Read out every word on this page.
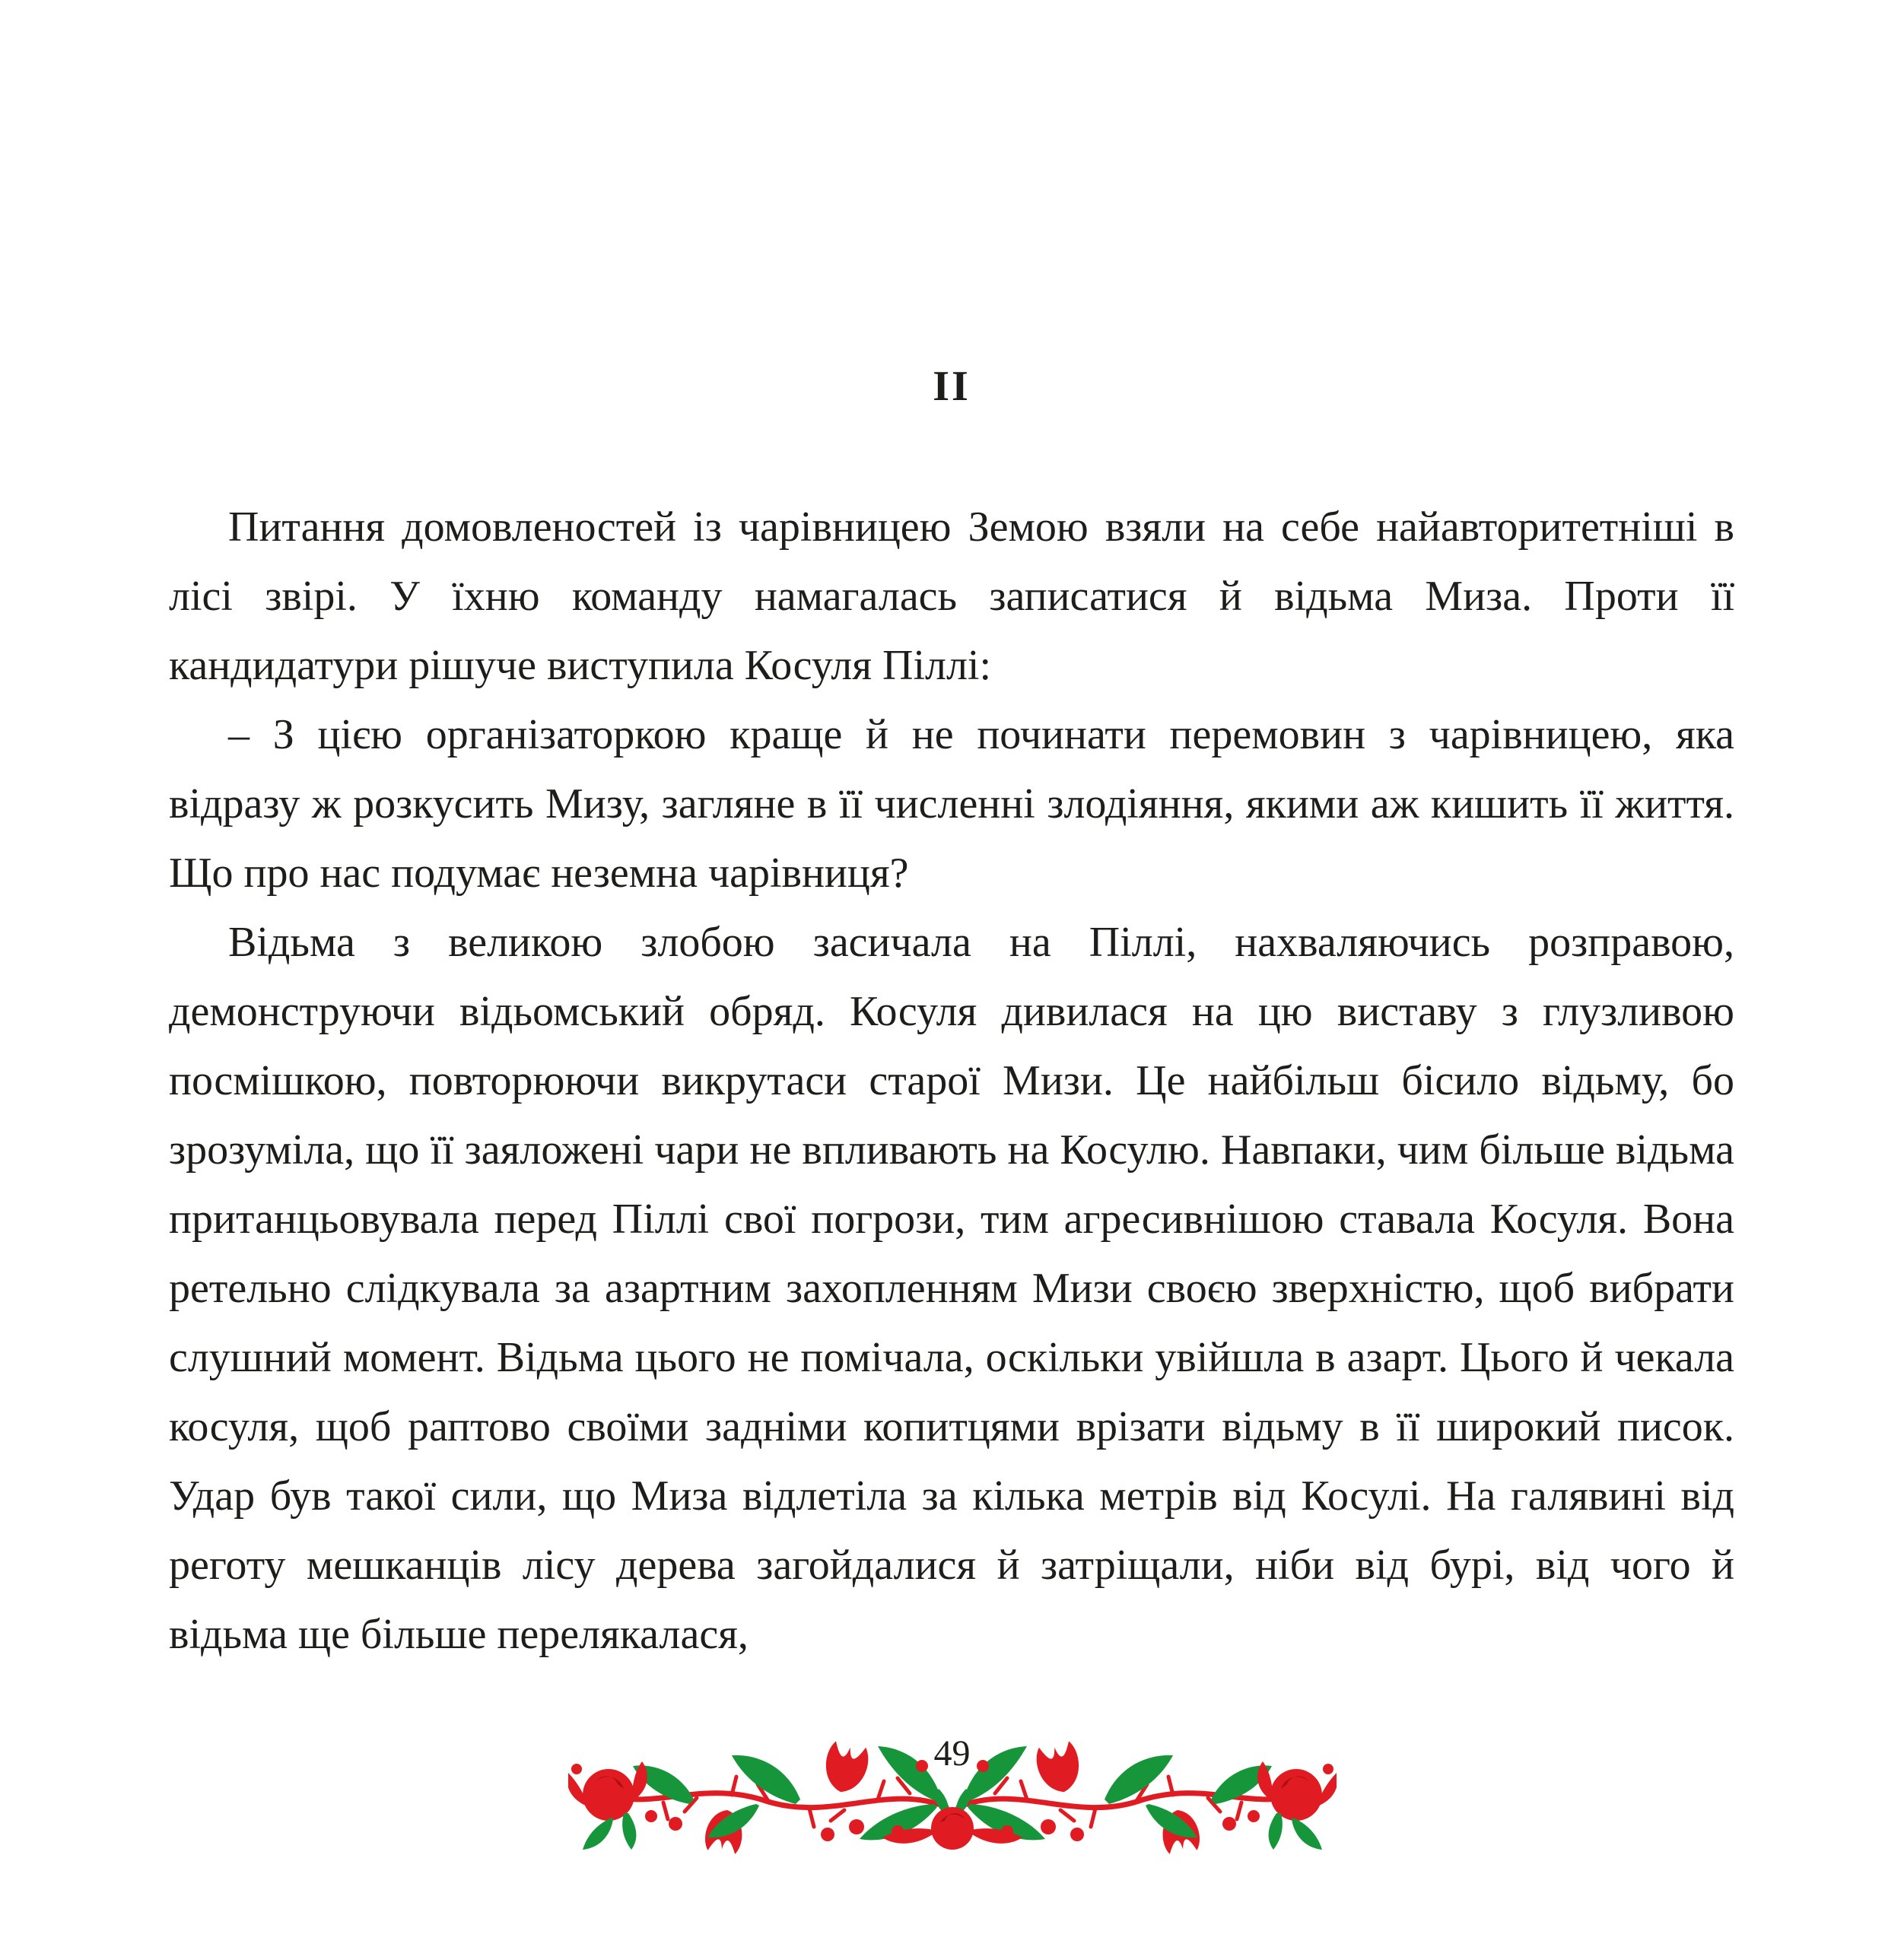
II

Питання домовленостей із чарівницею Земою взяли на себе найавторитетніші в лісі звірі. У їхню команду намагалась записатися й відьма Миза. Проти її кандидатури рішуче виступила Косуля Піллі:

– З цією організаторкою краще й не починати перемовин з чарівницею, яка відразу ж розкусить Мизу, загляне в її численні злодіяння, якими аж кишить її життя. Що про нас подумає неземна чарівниця?

Відьма з великою злобою засичала на Піллі, нахваляючись розправою, демонструючи відьомський обряд. Косуля дивилася на цю виставу з глузливою посмішкою, повторюючи викрутаси старої Мизи. Це найбільш бісило відьму, бо зрозуміла, що її заяложені чари не впливають на Косулю. Навпаки, чим більше відьма пританцьовувала перед Піллі свої погрози, тим агресивнішою ставала Косуля. Вона ретельно слідкувала за азартним захопленням Мизи своєю зверхністю, щоб вибрати слушний момент. Відьма цього не помічала, оскільки увійшла в азарт. Цього й чекала косуля, щоб раптово своїми задніми копитцями врізати відьму в її широкий писок. Удар був такої сили, що Миза відлетіла за кілька метрів від Косулі. На галявині від реготу мешканців лісу дерева загойдалися й затріщали, ніби від бурі, від чого й відьма ще більше перелякалася,

49
